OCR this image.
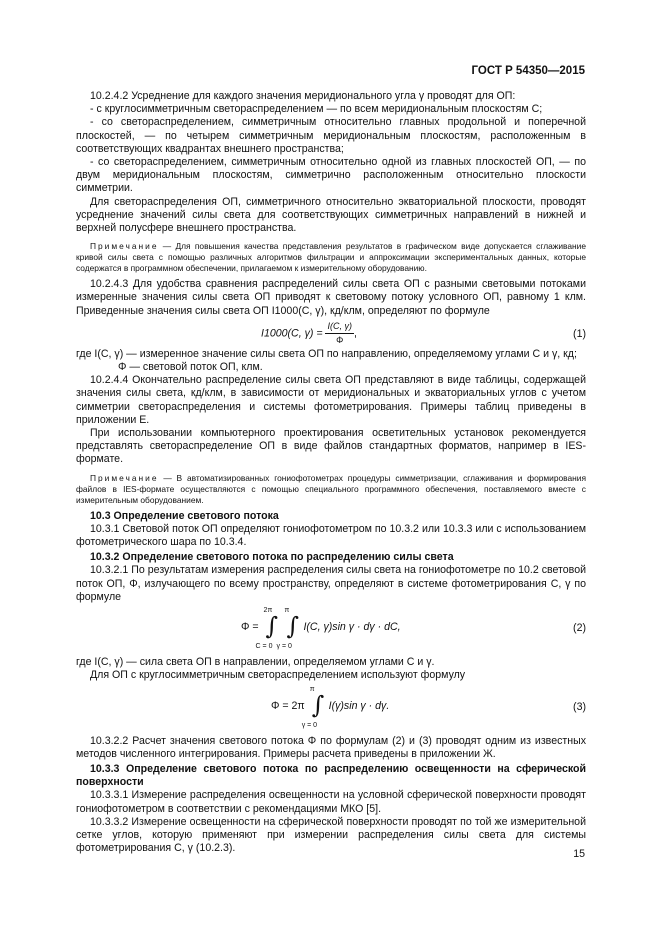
ГОСТ Р 54350—2015

10.2.4.2 Усреднение для каждого значения меридионального угла γ проводят для ОП:

- с круглосимметричным светораспределением — по всем меридиональным плоскостям C;

- со светораспределением, симметричным относительно главных продольной и поперечной плоскостей, — по четырем симметричным меридиональным плоскостям, расположенным в соответствующих квадрантах внешнего пространства;

- со светораспределением, симметричным относительно одной из главных плоскостей ОП, — по двум меридиональным плоскостям, симметрично расположенным относительно плоскости симметрии.

Для светораспределения ОП, симметричного относительно экваториальной плоскости, проводят усреднение значений силы света для соответствующих симметричных направлений в нижней и верхней полусфере внешнего пространства.

Примечание — Для повышения качества представления результатов в графическом виде допускается сглаживание кривой силы света с помощью различных алгоритмов фильтрации и аппроксимации экспериментальных данных, которые содержатся в программном обеспечении, прилагаемом к измерительному оборудованию.

10.2.4.3 Для удобства сравнения распределений силы света ОП с разными световыми потоками измеренные значения силы света ОП приводят к световому потоку условного ОП, равному 1 клм. Приведенные значения силы света ОП I1000(C, γ), кд/клм, определяют по формуле

I1000(C, $\gamma) = \frac{I(C, \gamma)}{\Phi}$ ,	(1)

где I(C, γ) — измеренное значение силы света ОП по направлению, определяемому углами C и γ, кд;

Φ — световой поток ОП, клм.

10.2.4.4 Окончательно распределение силы света ОП представляют в виде таблицы, содержащей значения силы света, кд/клм, в зависимости от меридиональных и экваториальных углов с учетом симметрии светораспределения и системы фотометрирования. Примеры таблиц приведены в приложении Е.

При использовании компьютерного проектирования осветительных установок рекомендуется представлять светораспределение ОП в виде файлов стандартных форматов, например в IES-формате.

Примечание — В автоматизированных гониофотометрах процедуры симметризации, сглаживания и формирования файлов в IES-формате осуществляются с помощью специального программного обеспечения, поставляемого вместе с измерительным оборудованием.

10.3 Определение светового потока

10.3.1 Световой поток ОП определяют гониофотометром по 10.3.2 или 10.3.3 или с использованием фотометрического шара по 10.3.4.

10.3.2 Определение светового потока по распределению силы света

10.3.2.1 По результатам измерения распределения силы света на гониофотометре по 10.2 световой поток ОП, Φ, излучающего по всему пространству, определяют в системе фотометрирования C, γ по формуле

Φ =
2π
∫
C = 0

π
∫
γ = 0
I(C, γ)sin γ · dγ · dC,	(2)

где I(C, γ) — сила света ОП в направлении, определяемом углами C и γ.

Для ОП с круглосимметричным светораспределением используют формулу

Φ = 2π
π
∫
γ = 0
I(γ)sin γ · dγ.	(3)

10.3.2.2 Расчет значения светового потока Φ по формулам (2) и (3) проводят одним из известных методов численного интегрирования. Примеры расчета приведены в приложении Ж.

10.3.3 Определение светового потока по распределению освещенности на сферической поверхности

10.3.3.1 Измерение распределения освещенности на условной сферической поверхности проводят гониофотометром в соответствии с рекомендациями МКО [5].

10.3.3.2 Измерение освещенности на сферической поверхности проводят по той же измерительной сетке углов, которую применяют при измерении распределения силы света для системы фотометрирования C, γ (10.2.3).	15
